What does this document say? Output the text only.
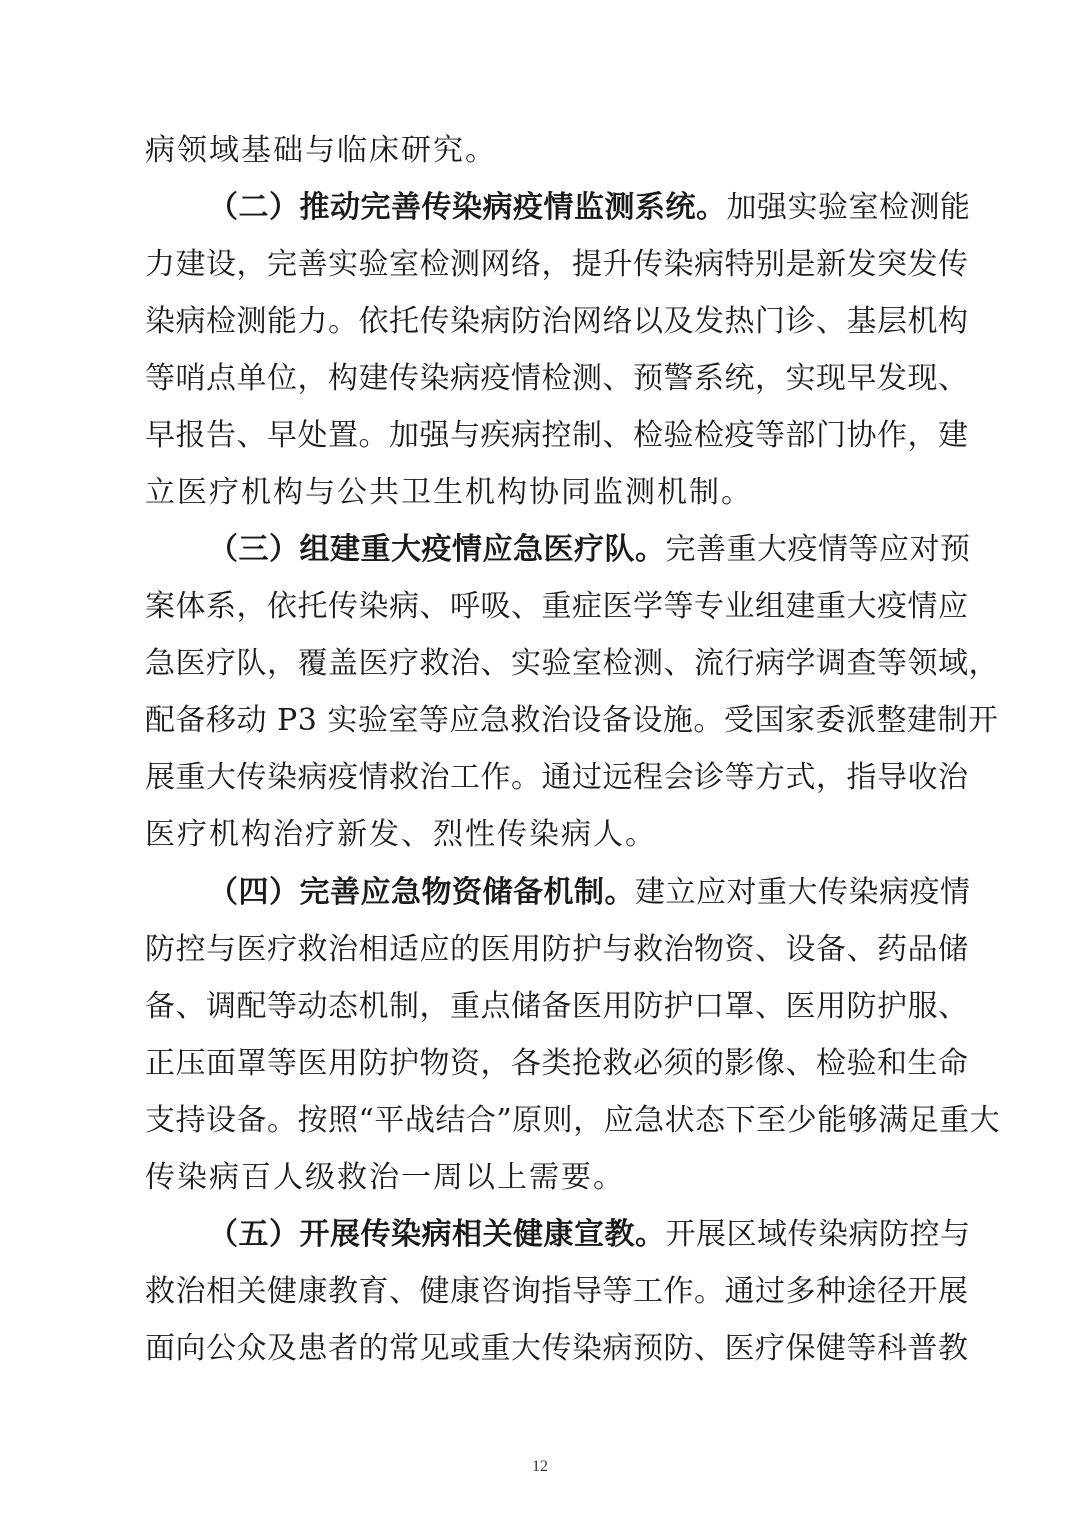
病领域基础与临床研究。
（二）推动完善传染病疫情监测系统。加强实验室检测能
力建设，完善实验室检测网络，提升传染病特别是新发突发传
染病检测能力。依托传染病防治网络以及发热门诊、基层机构
等哨点单位，构建传染病疫情检测、预警系统，实现早发现、
早报告、早处置。加强与疾病控制、检验检疫等部门协作，建
立医疗机构与公共卫生机构协同监测机制。
（三）组建重大疫情应急医疗队。完善重大疫情等应对预
案体系，依托传染病、呼吸、重症医学等专业组建重大疫情应
急医疗队，覆盖医疗救治、实验室检测、流行病学调查等领域，
配备移动 P3 实验室等应急救治设备设施。受国家委派整建制开
展重大传染病疫情救治工作。通过远程会诊等方式，指导收治
医疗机构治疗新发、烈性传染病人。
（四）完善应急物资储备机制。建立应对重大传染病疫情
防控与医疗救治相适应的医用防护与救治物资、设备、药品储
备、调配等动态机制，重点储备医用防护口罩、医用防护服、
正压面罩等医用防护物资，各类抢救必须的影像、检验和生命
支持设备。按照“平战结合”原则，应急状态下至少能够满足重大
传染病百人级救治一周以上需要。
（五）开展传染病相关健康宣教。开展区域传染病防控与
救治相关健康教育、健康咨询指导等工作。通过多种途径开展
面向公众及患者的常见或重大传染病预防、医疗保健等科普教
12
